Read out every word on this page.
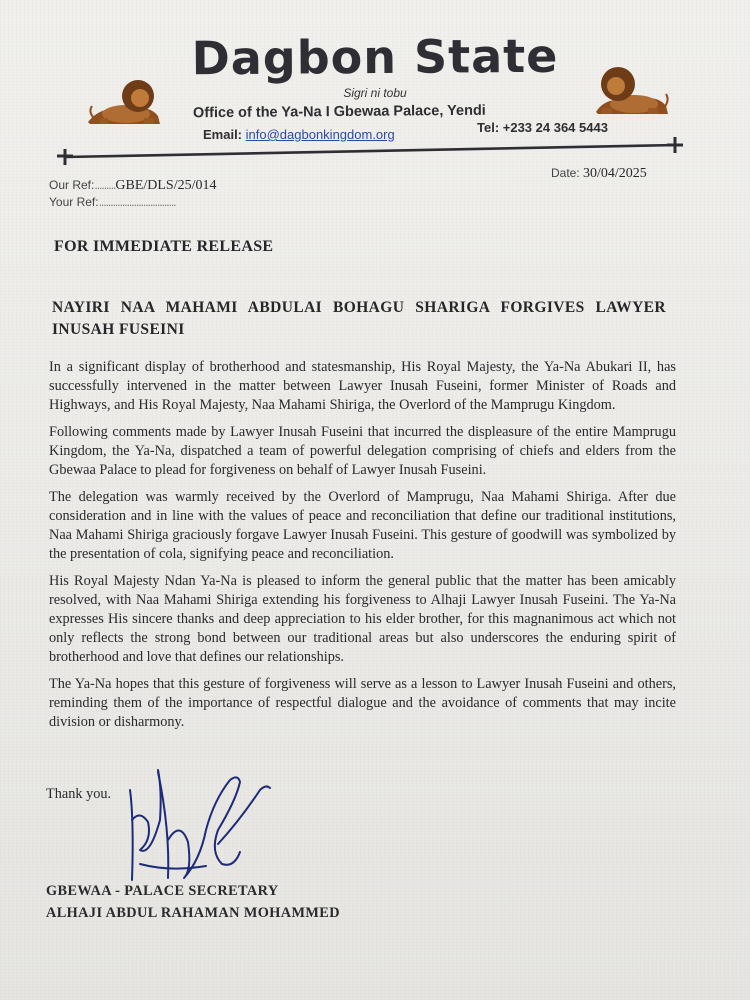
Dagbon State
Sigri ni tobu
Office of the Ya-Na I Gbewaa Palace, Yendi
Email: info@dagbonkingdom.org	Tel: +233 24 364 5443
Our Ref:.........GBE/DLS/25/014
Your Ref:.................................
Date: 30/04/2025
FOR IMMEDIATE RELEASE
NAYIRI NAA MAHAMI ABDULAI BOHAGU SHARIGA FORGIVES LAWYER INUSAH FUSEINI

In a significant display of brotherhood and statesmanship, His Royal Majesty, the Ya-Na Abukari II, has successfully intervened in the matter between Lawyer Inusah Fuseini, former Minister of Roads and Highways, and His Royal Majesty, Naa Mahami Shiriga, the Overlord of the Mamprugu Kingdom.

Following comments made by Lawyer Inusah Fuseini that incurred the displeasure of the entire Mamprugu Kingdom, the Ya-Na, dispatched a team of powerful delegation comprising of chiefs and elders from the Gbewaa Palace to plead for forgiveness on behalf of Lawyer Inusah Fuseini.

The delegation was warmly received by the Overlord of Mamprugu, Naa Mahami Shiriga. After due consideration and in line with the values of peace and reconciliation that define our traditional institutions, Naa Mahami Shiriga graciously forgave Lawyer Inusah Fuseini. This gesture of goodwill was symbolized by the presentation of cola, signifying peace and reconciliation.

His Royal Majesty Ndan Ya-Na is pleased to inform the general public that the matter has been amicably resolved, with Naa Mahami Shiriga extending his forgiveness to Alhaji Lawyer Inusah Fuseini. The Ya-Na expresses His sincere thanks and deep appreciation to his elder brother, for this magnanimous act which not only reflects the strong bond between our traditional areas but also underscores the enduring spirit of brotherhood and love that defines our relationships.

The Ya-Na hopes that this gesture of forgiveness will serve as a lesson to Lawyer Inusah Fuseini and others, reminding them of the importance of respectful dialogue and the avoidance of comments that may incite division or disharmony.

Thank you.
GBEWAA - PALACE SECRETARY
ALHAJI ABDUL RAHAMAN MOHAMMED
